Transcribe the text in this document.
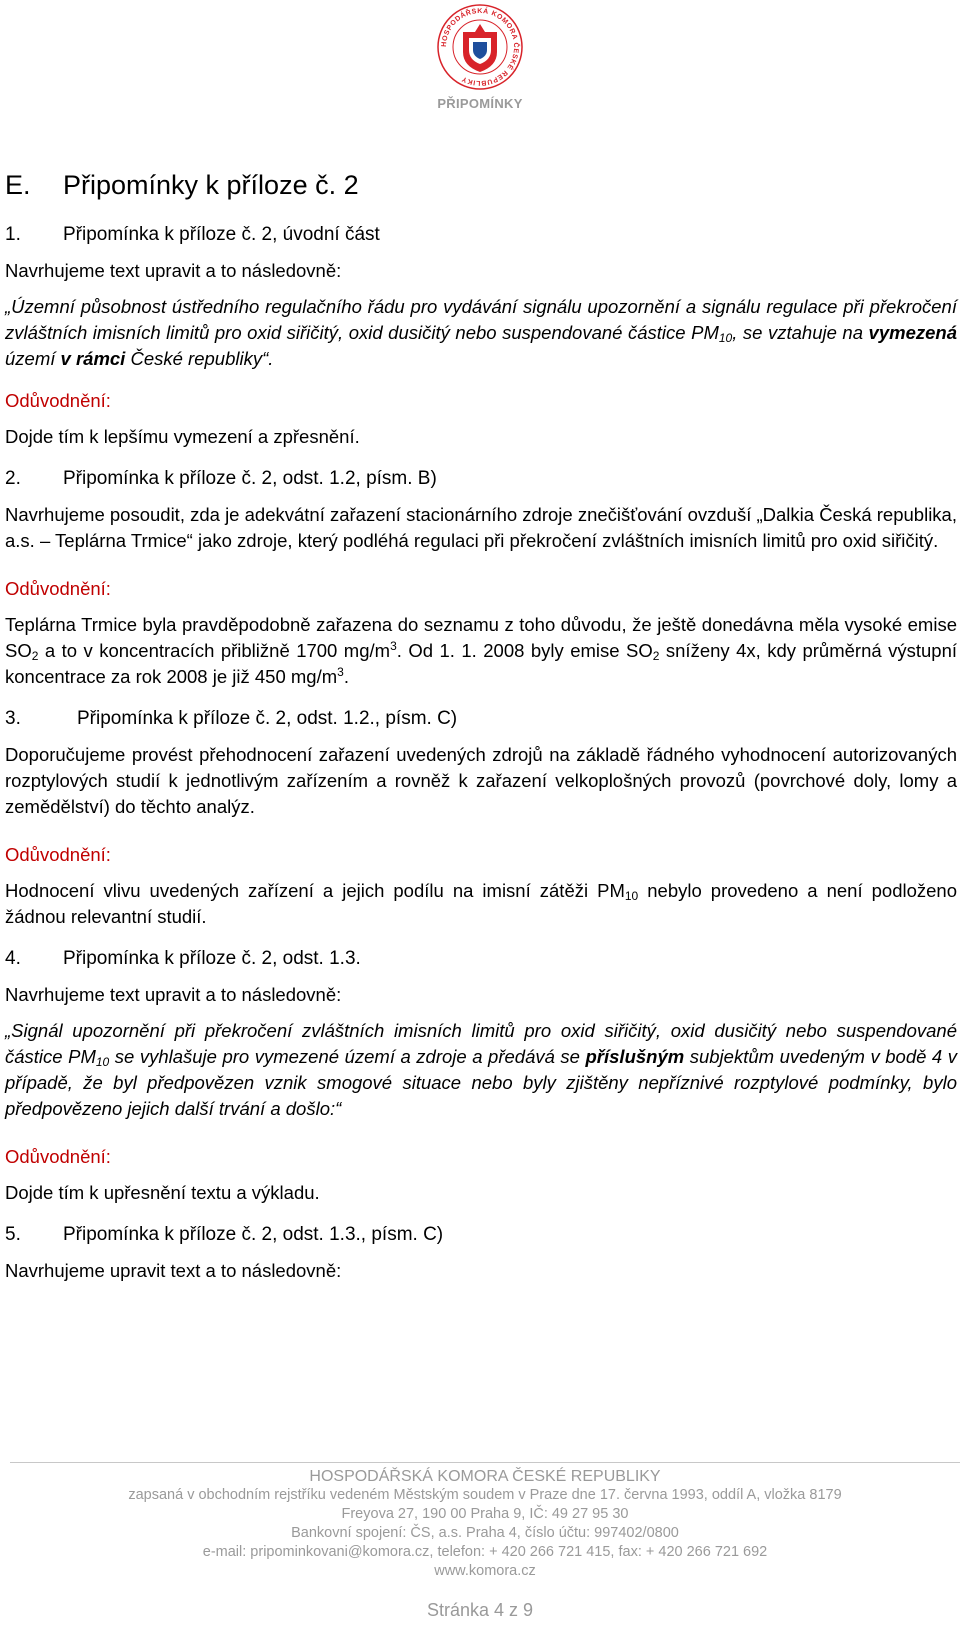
HOSPODÁŘSKÁ KOMORA ČESKÉ REPUBLIKY
PŘIPOMÍNKY
E. Připomínky k příloze č. 2
1. Připomínka k příloze č. 2, úvodní část

Navrhujeme text upravit a to následovně:

„Územní působnost ústředního regulačního řádu pro vydávání signálu upozornění a signálu regulace při překročení zvláštních imisních limitů pro oxid siřičitý, oxid dusičitý nebo suspendované částice $PM_{10}$, se vztahuje na vymezená území v rámci České republiky“.

Odůvodnění:

Dojde tím k lepšímu vymezení a zpřesnění.

2. Připomínka k příloze č. 2, odst. 1.2, písm. B)

Navrhujeme posoudit, zda je adekvátní zařazení stacionárního zdroje znečišťování ovzduší „Dalkia Česká republika, a.s. – Teplárna Trmice“ jako zdroje, který podléhá regulaci při překročení zvláštních imisních limitů pro oxid siřičitý.

Odůvodnění:

Teplárna Trmice byla pravděpodobně zařazena do seznamu z toho důvodu, že ještě donedávna měla vysoké emise $SO_2$ a to v koncentracích přibližně 1700 $mg/m^3$. Od 1. 1. 2008 byly emise $SO_2$ sníženy 4x, kdy průměrná výstupní koncentrace za rok 2008 je již 450 $mg/m^3$.

3.	Připomínka k příloze č. 2, odst. 1.2., písm. C)

Doporučujeme provést přehodnocení zařazení uvedených zdrojů na základě řádného vyhodnocení autorizovaných rozptylových studií k jednotlivým zařízením a rovněž k zařazení velkoplošných provozů (povrchové doly, lomy a zemědělství) do těchto analýz.

Odůvodnění:

Hodnocení vlivu uvedených zařízení a jejich podílu na imisní zátěži $PM_{10}$ nebylo provedeno a není podloženo žádnou relevantní studií.

4. Připomínka k příloze č. 2, odst. 1.3.

Navrhujeme text upravit a to následovně:

„Signál upozornění při překročení zvláštních imisních limitů pro oxid siřičitý, oxid dusičitý nebo suspendované částice $PM_{10}$ se vyhlašuje pro vymezené území a zdroje a předává se příslušným subjektům uvedeným v bodě 4 v případě, že byl předpovězen vznik smogové situace nebo byly zjištěny nepříznivé rozptylové podmínky, bylo předpovězeno jejich další trvání a došlo:“

Odůvodnění:

Dojde tím k upřesnění textu a výkladu.

5. Připomínka k příloze č. 2, odst. 1.3., písm. C)

Navrhujeme upravit text a to následovně:

HOSPODÁŘSKÁ KOMORA ČESKÉ REPUBLIKY
zapsaná v obchodním rejstříku vedeném Městským soudem v Praze dne 17. června 1993, oddíl A, vložka 8179
Freyova 27, 190 00 Praha 9, IČ: 49 27 95 30
Bankovní spojení: ČS, a.s. Praha 4, číslo účtu: 997402/0800
e-mail: pripominkovani@komora.cz, telefon: + 420 266 721 415, fax: + 420 266 721 692
www.komora.cz
Stránka 4 z 9
